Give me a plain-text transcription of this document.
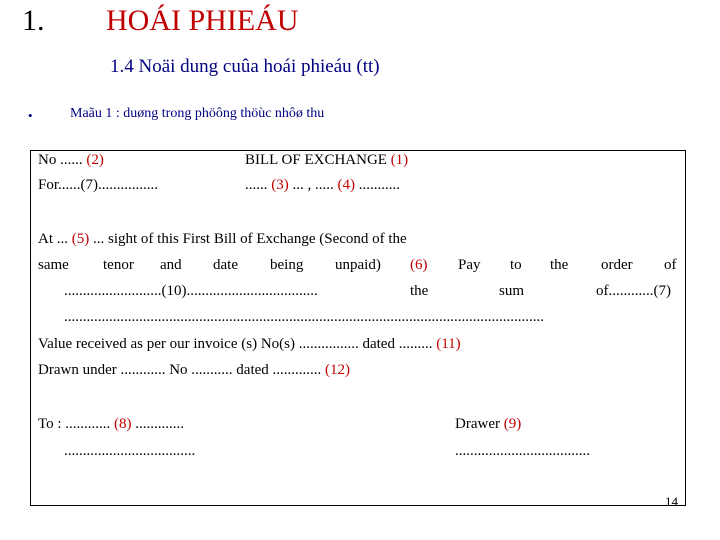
1. HOÁI PHIEÁU
1.4 Noäi dung cuûa hoái phieáu (tt)
•	Maãu 1 : duøng trong phöông thöùc nhôø thu
No ...... (2)	BILL OF EXCHANGE (1)
For......(7)................	...... (3) ... , ..... (4) ...........
At ... (5) ... sight of this First Bill of Exchange (Second of the
same tenor and date being unpaid) (6) Pay to the order of
..........................(10)...................................	the	sum	of............(7)
................................................................................................................................
Value received as per our invoice (s) No(s) ................ dated ......... (11)
Drawn under ............ No ........... dated ............. (12)
To : ............ (8) .............	Drawer (9)
...................................	....................................
14
